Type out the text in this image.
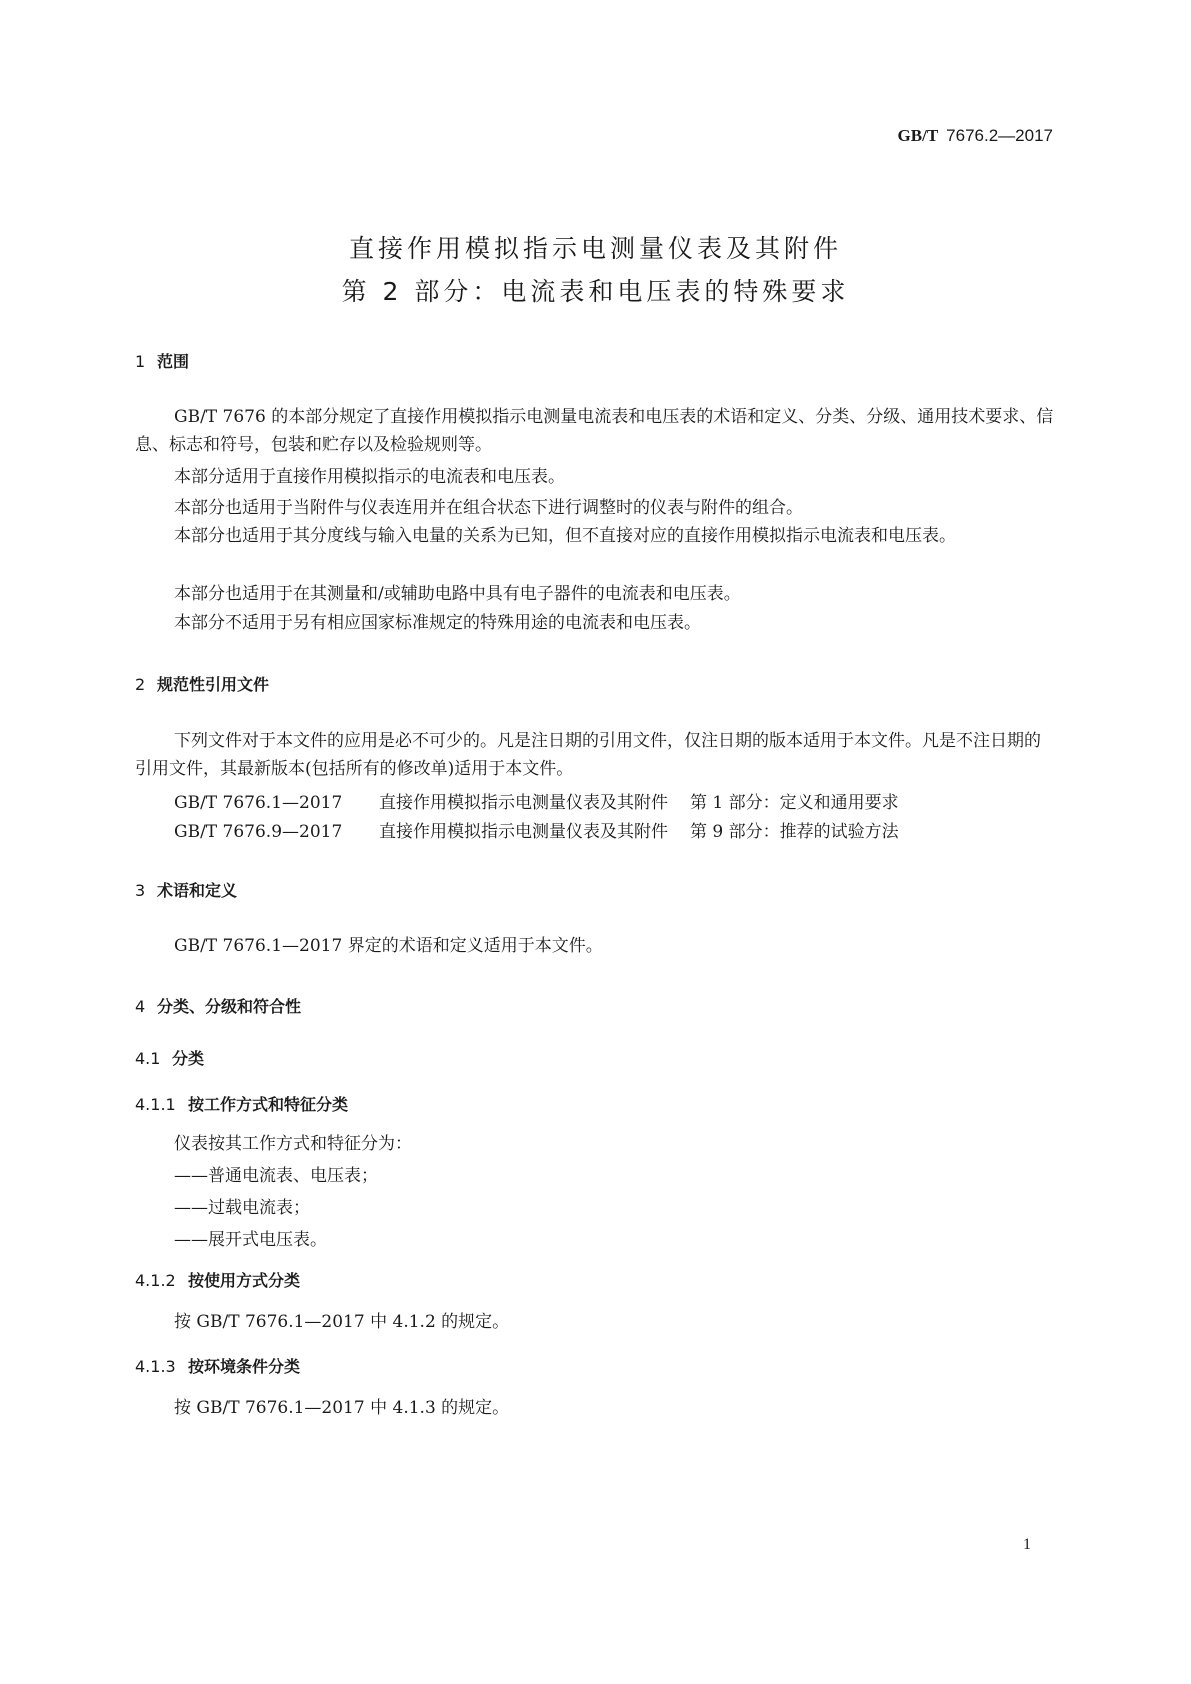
GB/T 7676.2—2017
直接作用模拟指示电测量仪表及其附件
第 2 部分：电流表和电压表的特殊要求
1 范围
GB/T 7676 的本部分规定了直接作用模拟指示电测量电流表和电压表的术语和定义、分类、分级、通用技术要求、信息、标志和符号，包装和贮存以及检验规则等。
本部分适用于直接作用模拟指示的电流表和电压表。
本部分也适用于当附件与仪表连用并在组合状态下进行调整时的仪表与附件的组合。
本部分也适用于其分度线与输入电量的关系为已知，但不直接对应的直接作用模拟指示电流表和电压表。
本部分也适用于在其测量和/或辅助电路中具有电子器件的电流表和电压表。
本部分不适用于另有相应国家标准规定的特殊用途的电流表和电压表。
2 规范性引用文件
下列文件对于本文件的应用是必不可少的。凡是注日期的引用文件，仅注日期的版本适用于本文件。凡是不注日期的引用文件，其最新版本(包括所有的修改单)适用于本文件。
GB/T 7676.1—2017 直接作用模拟指示电测量仪表及其附件 第 1 部分：定义和通用要求
GB/T 7676.9—2017 直接作用模拟指示电测量仪表及其附件 第 9 部分：推荐的试验方法
3 术语和定义
GB/T 7676.1—2017 界定的术语和定义适用于本文件。
4 分类、分级和符合性
4.1 分类
4.1.1 按工作方式和特征分类
仪表按其工作方式和特征分为：
——普通电流表、电压表；
——过载电流表；
——展开式电压表。
4.1.2 按使用方式分类
按 GB/T 7676.1—2017 中 4.1.2 的规定。
4.1.3 按环境条件分类
按 GB/T 7676.1—2017 中 4.1.3 的规定。
1
